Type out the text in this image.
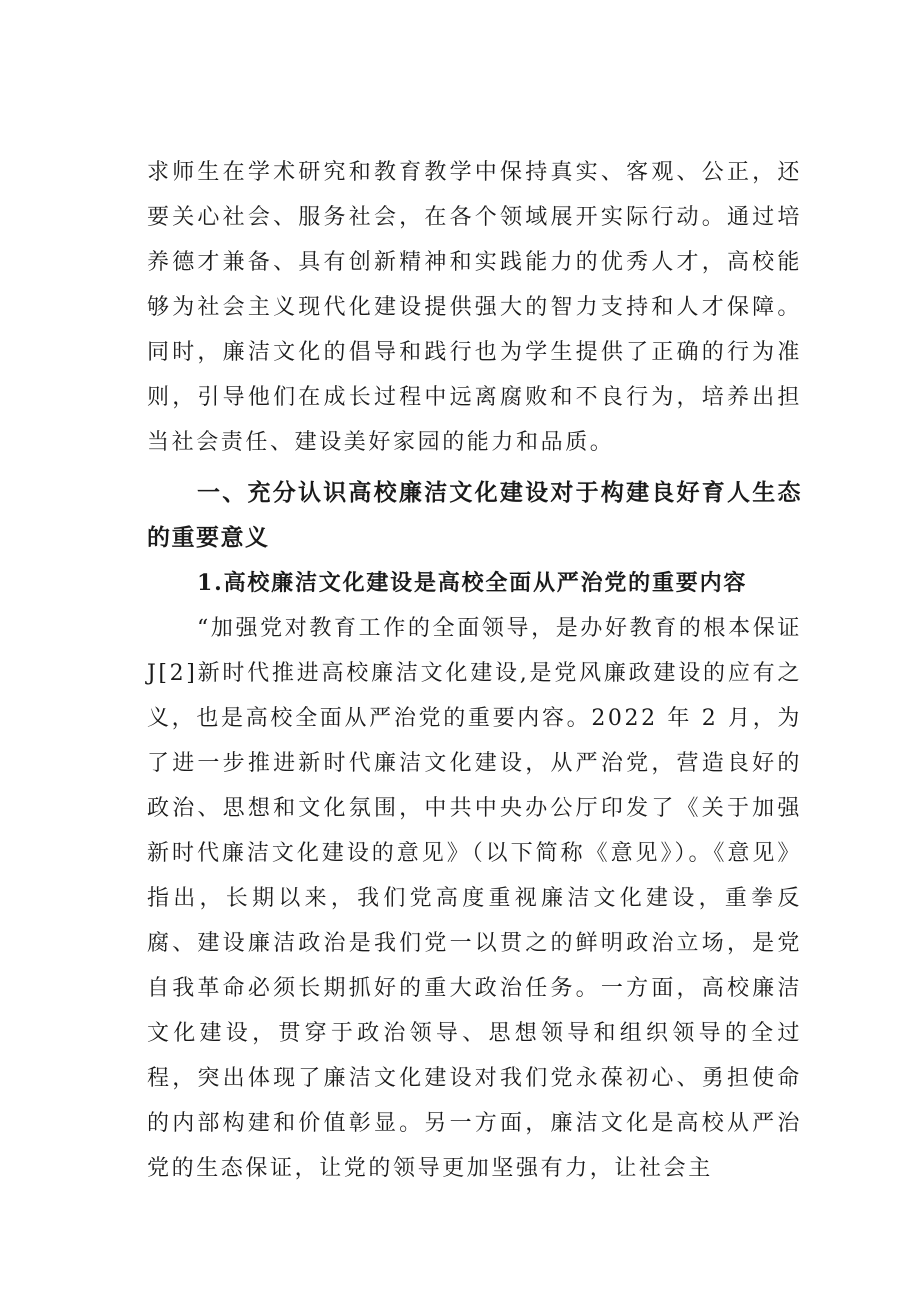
求师生在学术研究和教育教学中保持真实、客观、公正，还要关心社会、服务社会，在各个领域展开实际行动。通过培养德才兼备、具有创新精神和实践能力的优秀人才，高校能够为社会主义现代化建设提供强大的智力支持和人才保障。同时，廉洁文化的倡导和践行也为学生提供了正确的行为准则，引导他们在成长过程中远离腐败和不良行为，培养出担当社会责任、建设美好家园的能力和品质。

一、充分认识高校廉洁文化建设对于构建良好育人生态的重要意义
1.高校廉洁文化建设是高校全面从严治党的重要内容

“加强党对教育工作的全面领导，是办好教育的根本保证J[2]新时代推进高校廉洁文化建设,是党风廉政建设的应有之义，也是高校全面从严治党的重要内容。2022 年 2 月，为了进一步推进新时代廉洁文化建设，从严治党，营造良好的政治、思想和文化氛围，中共中央办公厅印发了《关于加强新时代廉洁文化建设的意见》（以下简称《意见》）。《意见》指出，长期以来，我们党高度重视廉洁文化建设，重拳反腐、建设廉洁政治是我们党一以贯之的鲜明政治立场，是党自我革命必须长期抓好的重大政治任务。一方面，高校廉洁文化建设，贯穿于政治领导、思想领导和组织领导的全过程，突出体现了廉洁文化建设对我们党永葆初心、勇担使命的内部构建和价值彰显。另一方面，廉洁文化是高校从严治党的生态保证，让党的领导更加坚强有力，让社会主
